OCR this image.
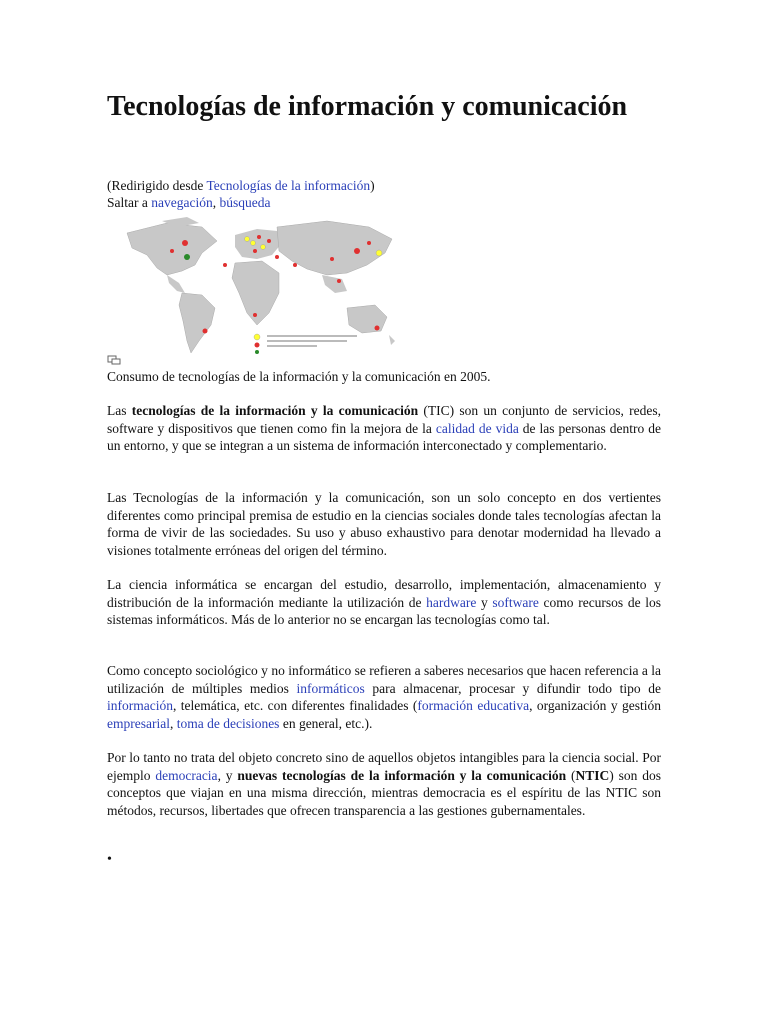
Tecnologías de información y comunicación
(Redirigido desde Tecnologías de la información)
Saltar a navegación, búsqueda
Consumo de tecnologías de la información y la comunicación en 2005.

Las tecnologías de la información y la comunicación (TIC) son un conjunto de servicios, redes, software y dispositivos que tienen como fin la mejora de la calidad de vida de las personas dentro de un entorno, y que se integran a un sistema de información interconectado y complementario.

Las Tecnologías de la información y la comunicación, son un solo concepto en dos vertientes diferentes como principal premisa de estudio en la ciencias sociales donde tales tecnologías afectan la forma de vivir de las sociedades. Su uso y abuso exhaustivo para denotar modernidad ha llevado a visiones totalmente erróneas del origen del término.

La ciencia informática se encargan del estudio, desarrollo, implementación, almacenamiento y distribución de la información mediante la utilización de hardware y software como recursos de los sistemas informáticos. Más de lo anterior no se encargan las tecnologías como tal.

Como concepto sociológico y no informático se refieren a saberes necesarios que hacen referencia a la utilización de múltiples medios informáticos para almacenar, procesar y difundir todo tipo de información, telemática, etc. con diferentes finalidades (formación educativa, organización y gestión empresarial, toma de decisiones en general, etc.).

Por lo tanto no trata del objeto concreto sino de aquellos objetos intangibles para la ciencia social. Por ejemplo democracia, y nuevas tecnologías de la información y la comunicación (NTIC) son dos conceptos que viajan en una misma dirección, mientras democracia es el espíritu de las NTIC son métodos, recursos, libertades que ofrecen transparencia a las gestiones gubernamentales.

•
